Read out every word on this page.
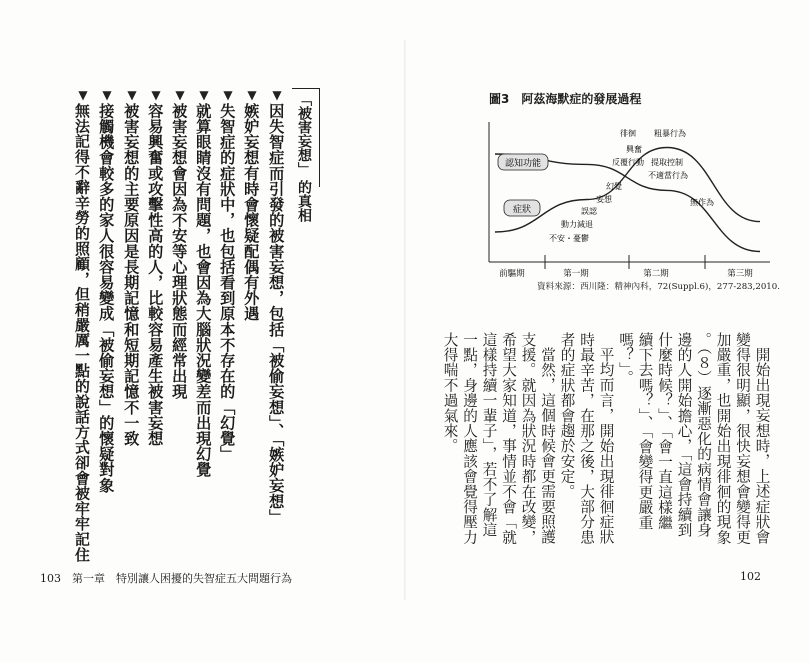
「被害妄想」
的真相
▼
因失智症而引發的被害妄想，包括「被偷妄想」、「嫉妒妄想」
▼
嫉妒妄想有時會懷疑配偶有外遇
▼
失智症的症狀中，也包括看到原本不存在的「幻覺」
▼
就算眼睛沒有問題，也會因為大腦狀況變差而出現幻覺
▼
被害妄想會因為不安等心理狀態而經常出現
▼
容易興奮或攻擊性高的人，比較容易產生被害妄想
▼
被害妄想的主要原因是長期記憶和短期記憶不一致
▼
接觸機會較多的家人很容易變成「被偷妄想」的懷疑對象
▼
無法記得不辭辛勞的照顧，但稍嚴厲一點的說話方式卻會被牢牢記住
103　第一章　特別讓人困擾的失智症五大問題行為
圖3　阿茲海默症的發展過程
認知功能
症狀
徘徊
興奮
粗暴行為
反覆行動 提取控制
不適當行為
無作為
幻覺
妄想
誤認
動力減退
不安・憂鬱
前驅期	第一期	第二期	第三期
資料來源：西川隆：精神內科，72(Suppl.6)，277-283,2010.
開始出現妄想時，上述症狀會
變得很明顯，很快妄想會變得更
加嚴重，也開始出現徘徊的現象
。（８）逐漸惡化的病情會讓身
邊的人開始擔心，「這會持續到
什麼時候？」、「會一直這樣繼
續下去嗎？」、「會變得更嚴重
嗎？」。
平均而言，開始出現徘徊症狀
時最辛苦，在那之後，大部分患
者的症狀都會趨於安定。
當然，這個時候會更需要照護
支援。就因為狀況時都在改變，
希望大家知道，事情並不會「就
這樣持續一輩子」，若不了解這
一點，身邊的人應該會覺得壓力
大得喘不過氣來。
102
